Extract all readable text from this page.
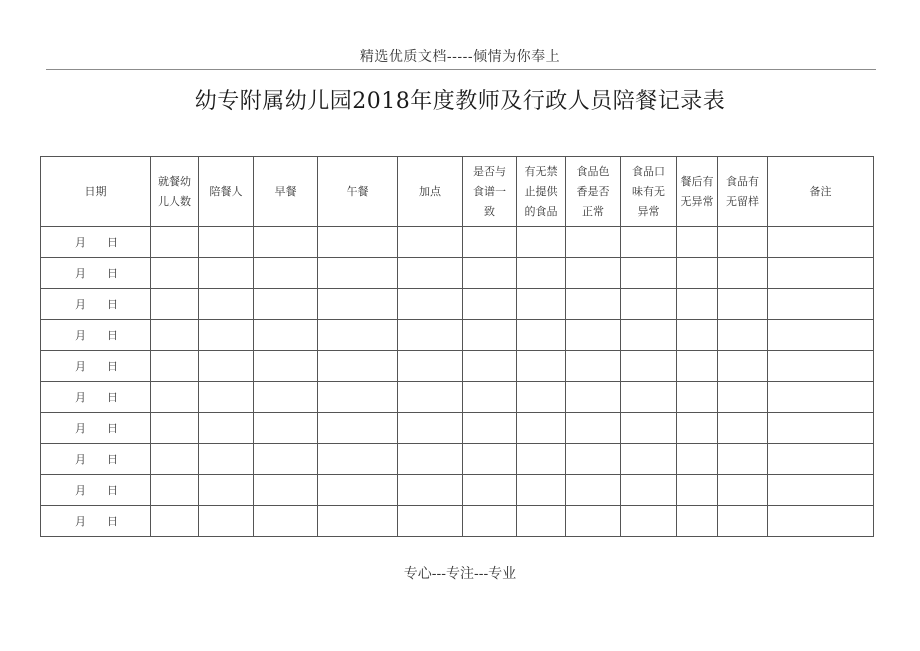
精选优质文档-----倾情为你奉上
幼专附属幼儿园2018年度教师及行政人员陪餐记录表
日期	就餐幼儿人数	陪餐人	早餐	午餐	加点	是否与食谱一致	有无禁止提供的食品	食品色香是否正常	食品口味有无异常	餐后有无异常	食品有无留样	备注
月      日												
月      日												
月      日												
月      日												
月      日												
月      日												
月      日												
月      日												
月      日												
月      日												
专心---专注---专业
